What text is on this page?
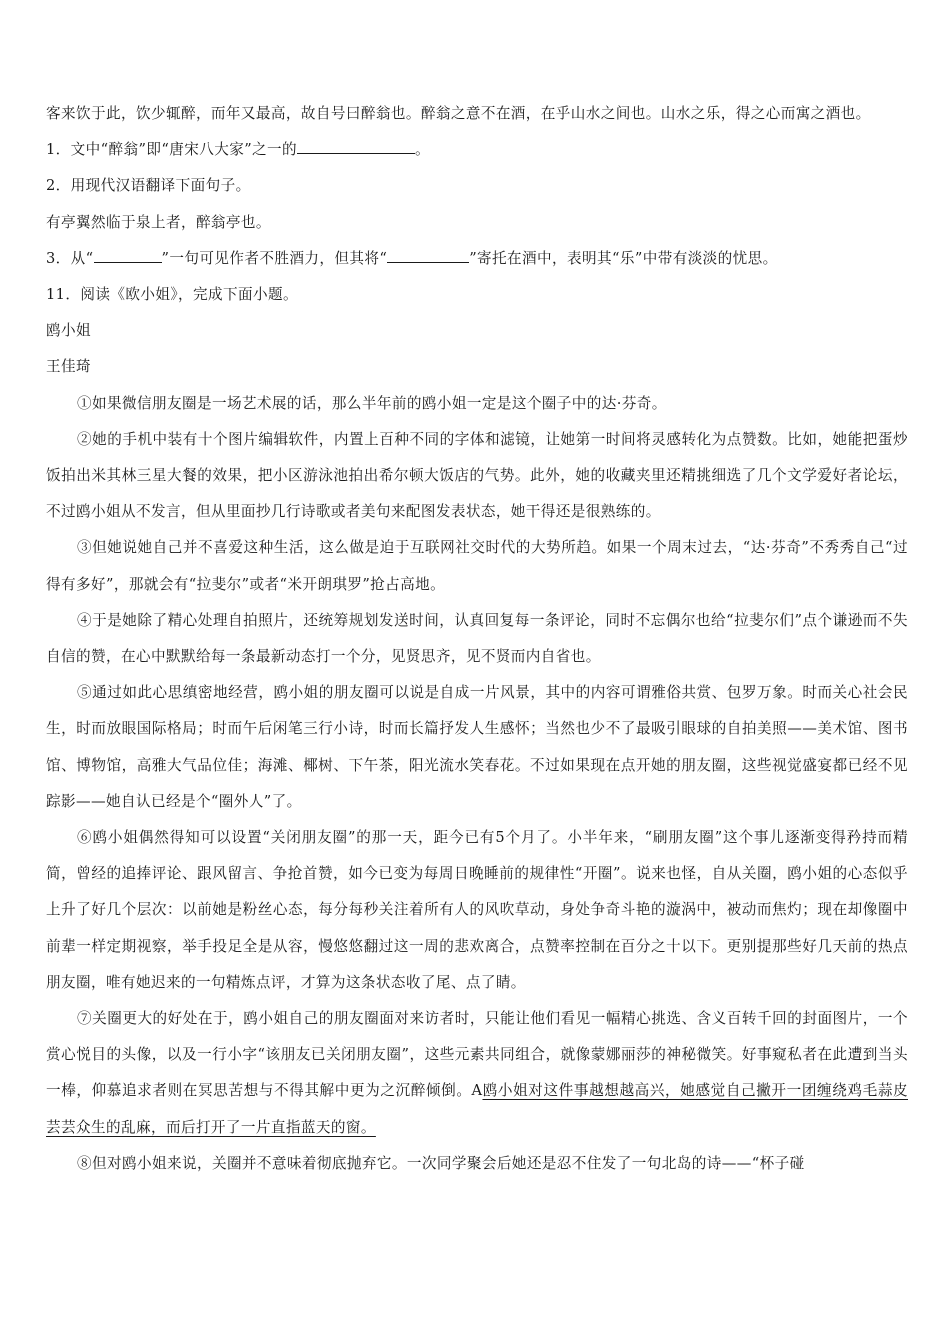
客来饮于此，饮少辄醉，而年又最高，故自号曰醉翁也。醉翁之意不在酒，在乎山水之间也。山水之乐，得之心而寓之酒也。

1．文中“醉翁”即“唐宋八大家”之一的	。

2．用现代汉语翻译下面句子。

有亭翼然临于泉上者，醉翁亭也。

3．从“	”一句可见作者不胜酒力，但其将“	”寄托在酒中，表明其“乐”中带有淡淡的忧思。

11．阅读《欧小姐》，完成下面小题。

鸥小姐

王佳琦

①如果微信朋友圈是一场艺术展的话，那么半年前的鸥小姐一定是这个圈子中的达·芬奇。

②她的手机中装有十个图片编辑软件，内置上百种不同的字体和滤镜，让她第一时间将灵感转化为点赞数。比如，她能把蛋炒饭拍出米其林三星大餐的效果，把小区游泳池拍出希尔顿大饭店的气势。此外，她的收藏夹里还精挑细选了几个文学爱好者论坛，不过鸥小姐从不发言，但从里面抄几行诗歌或者美句来配图发表状态，她干得还是很熟练的。

③但她说她自己并不喜爱这种生活，这么做是迫于互联网社交时代的大势所趋。如果一个周末过去，“达·芬奇”不秀秀自己“过得有多好”，那就会有“拉斐尔”或者“米开朗琪罗”抢占高地。

④于是她除了精心处理自拍照片，还统筹规划发送时间，认真回复每一条评论，同时不忘偶尔也给“拉斐尔们”点个谦逊而不失自信的赞，在心中默默给每一条最新动态打一个分，见贤思齐，见不贤而内自省也。

⑤通过如此心思缜密地经营，鸥小姐的朋友圈可以说是自成一片风景，其中的内容可谓雅俗共赏、包罗万象。时而关心社会民生，时而放眼国际格局；时而午后闲笔三行小诗，时而长篇抒发人生感怀；当然也少不了最吸引眼球的自拍美照——美术馆、图书馆、博物馆，高雅大气品位佳；海滩、椰树、下午茶，阳光流水笑春花。不过如果现在点开她的朋友圈，这些视觉盛宴都已经不见踪影——她自认已经是个“圈外人”了。

⑥鸥小姐偶然得知可以设置“关闭朋友圈”的那一天，距今已有5个月了。小半年来，“刷朋友圈”这个事儿逐渐变得矜持而精简，曾经的追捧评论、跟风留言、争抢首赞，如今已变为每周日晚睡前的规律性“开圈”。说来也怪，自从关圈，鸥小姐的心态似乎上升了好几个层次：以前她是粉丝心态，每分每秒关注着所有人的风吹草动，身处争奇斗艳的漩涡中，被动而焦灼；现在却像圈中前辈一样定期视察，举手投足全是从容，慢悠悠翻过这一周的悲欢离合，点赞率控制在百分之十以下。更别提那些好几天前的热点朋友圈，唯有她迟来的一句精炼点评，才算为这条状态收了尾、点了睛。

⑦关圈更大的好处在于，鸥小姐自己的朋友圈面对来访者时，只能让他们看见一幅精心挑选、含义百转千回的封面图片，一个赏心悦目的头像，以及一行小字“该朋友已关闭朋友圈”，这些元素共同组合，就像蒙娜丽莎的神秘微笑。好事窥私者在此遭到当头一棒，仰慕追求者则在冥思苦想与不得其解中更为之沉醉倾倒。A鸥小姐对这件事越想越高兴，她感觉自己撇开一团缠绕鸡毛蒜皮芸芸众生的乱麻，而后打开了一片直指蓝天的窗。

⑧但对鸥小姐来说，关圈并不意味着彻底抛弃它。一次同学聚会后她还是忍不住发了一句北岛的诗——“杯子碰
